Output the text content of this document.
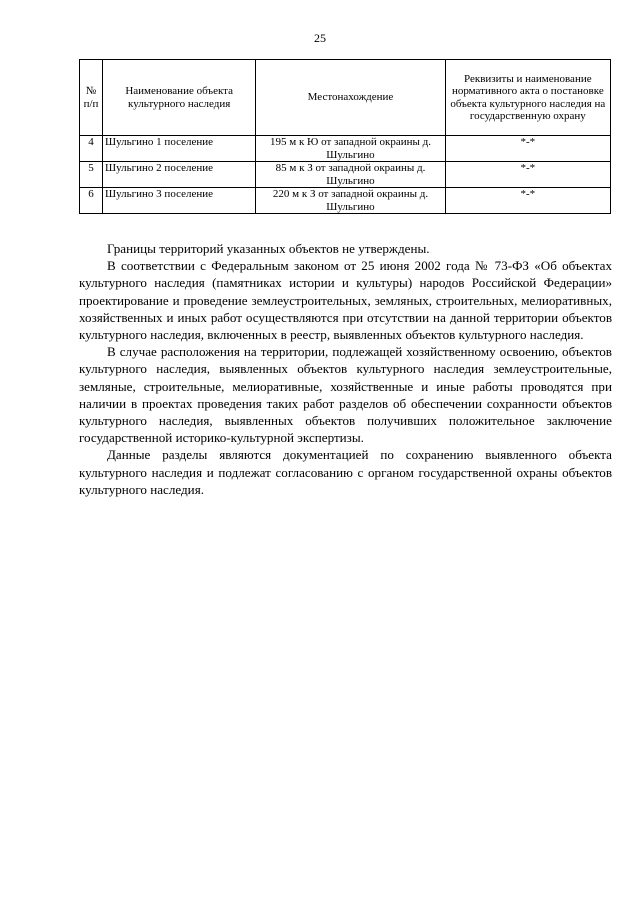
25
№ п/п	Наименование объекта культурного наследия	Местонахождение	Реквизиты и наименование нормативного акта о постановке объекта культурного наследия на государственную охрану
4	Шульгино 1 поселение	195 м к Ю от западной окраины д. Шульгино	*-*
5	Шульгино 2 поселение	85 м к З от западной окраины д. Шульгино	*-*
6	Шульгино 3 поселение	220 м к З от западной окраины д. Шульгино	*-*

Границы территорий указанных объектов не утверждены.

В соответствии с Федеральным законом от 25 июня 2002 года № 73-ФЗ «Об объектах культурного наследия (памятниках истории и культуры) народов Российской Федерации» проектирование и проведение землеустроительных, земляных, строительных, мелиоративных, хозяйственных и иных работ осуществляются при отсутствии на данной территории объектов культурного наследия, включенных в реестр, выявленных объектов культурного наследия.

В случае расположения на территории, подлежащей хозяйственному освоению, объектов культурного наследия, выявленных объектов культурного наследия землеустроительные, земляные, строительные, мелиоративные, хозяйственные и иные работы проводятся при наличии в проектах проведения таких работ разделов об обеспечении сохранности объектов культурного наследия, выявленных объектов получивших положительное заключение государственной историко-культурной экспертизы.

Данные разделы являются документацией по сохранению выявленного объекта культурного наследия и подлежат согласованию с органом государственной охраны объектов культурного наследия.
